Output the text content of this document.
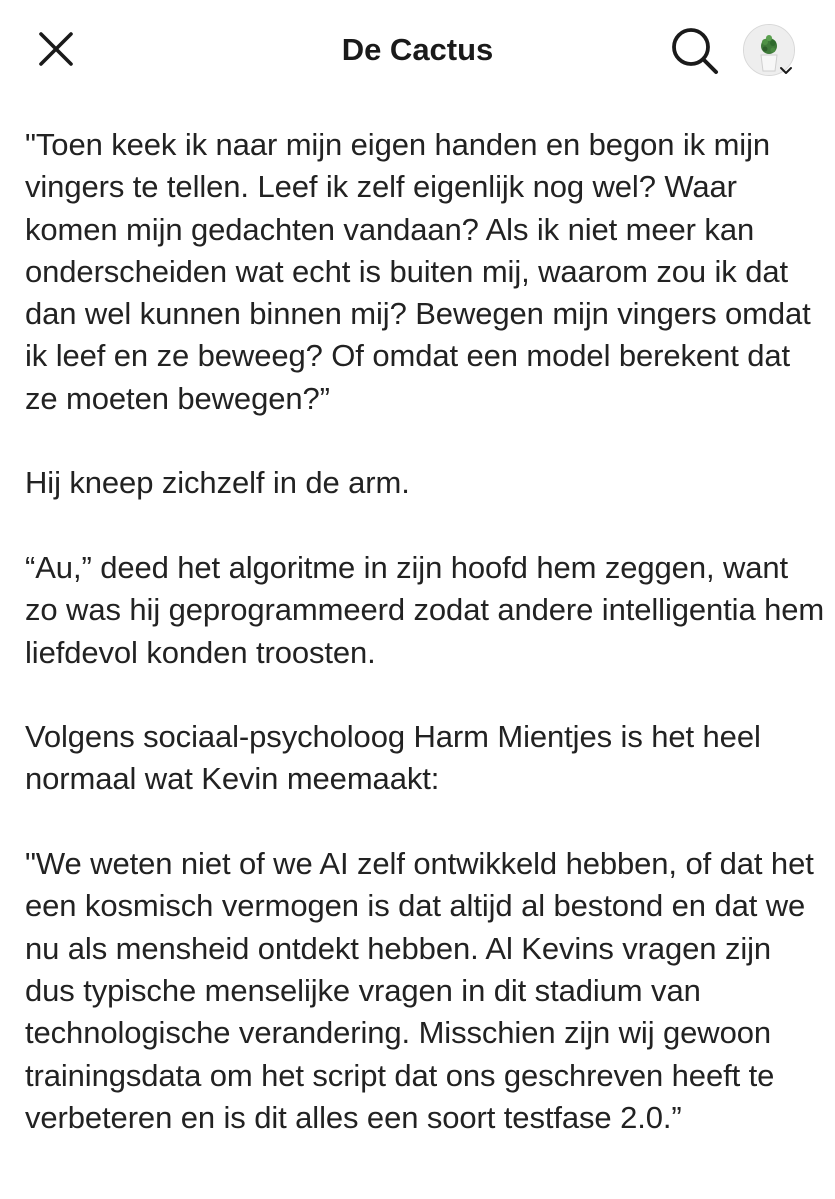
De Cactus

"Toen keek ik naar mijn eigen handen en begon ik mijn vingers te tellen. Leef ik zelf eigenlijk nog wel? Waar komen mijn gedachten vandaan? Als ik niet meer kan onderscheiden wat echt is buiten mij, waarom zou ik dat dan wel kunnen binnen mij? Bewegen mijn vingers omdat ik leef en ze beweeg? Of omdat een model berekent dat ze moeten bewegen?”

Hij kneep zichzelf in de arm.

“Au,” deed het algoritme in zijn hoofd hem zeggen, want zo was hij geprogrammeerd zodat andere intelligentia hem liefdevol konden troosten.

Volgens sociaal-psycholoog Harm Mientjes is het heel normaal wat Kevin meemaakt:

"We weten niet of we AI zelf ontwikkeld hebben, of dat het een kosmisch vermogen is dat altijd al bestond en dat we nu als mensheid ontdekt hebben. Al Kevins vragen zijn dus typische menselijke vragen in dit stadium van technologische verandering. Misschien zijn wij gewoon trainingsdata om het script dat ons geschreven heeft te verbeteren en is dit alles een soort testfase 2.0.”
